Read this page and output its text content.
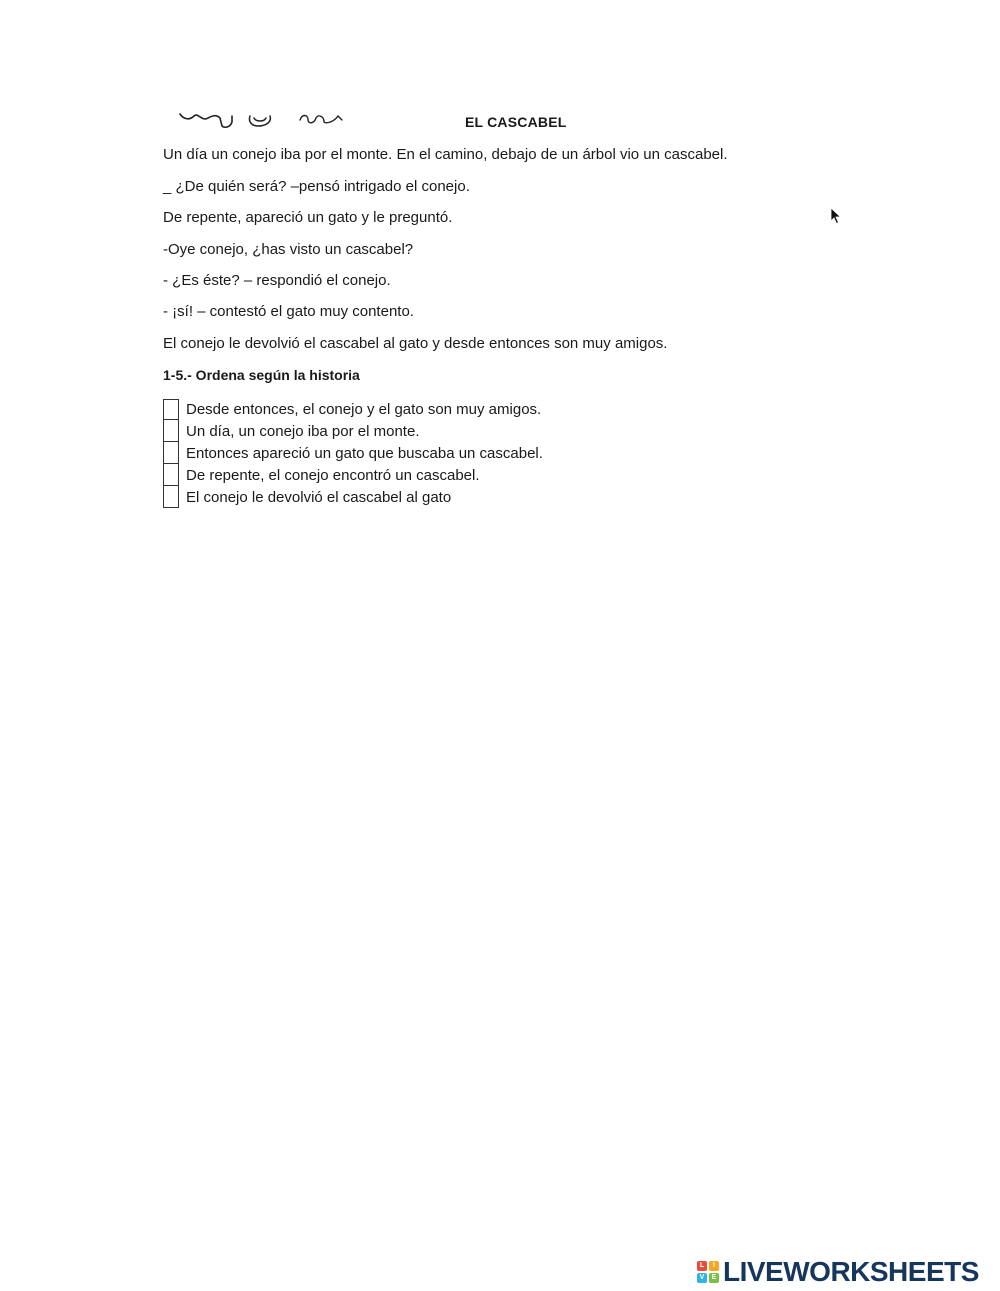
EL CASCABEL
Un día un conejo iba por el monte. En el camino, debajo de un árbol vio un cascabel.
_ ¿De quién será? –pensó intrigado el conejo.
De repente, apareció un gato y le preguntó.
-Oye conejo, ¿has visto un cascabel?
- ¿Es éste? – respondió el conejo.
- ¡sí! – contestó el gato muy contento.
El conejo le devolvió el cascabel al gato y desde entonces son muy amigos.
1-5.- Ordena según la historia
Desde entonces, el conejo y el gato son muy amigos.
Un día, un conejo iba por el monte.
Entonces apareció un gato que buscaba un cascabel.
De repente, el conejo encontró un cascabel.
El conejo le devolvió el cascabel al gato
L	I
V	E LIVEWORKSHEETS
